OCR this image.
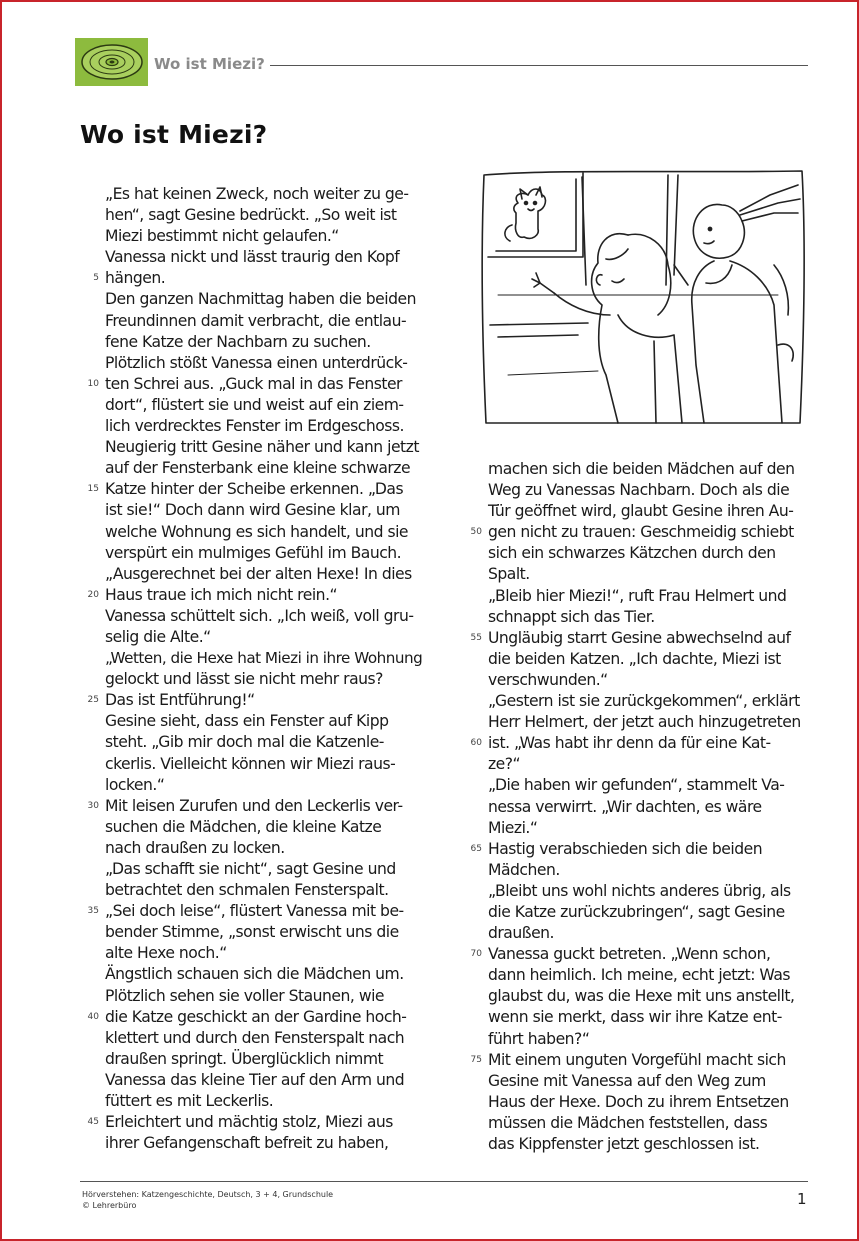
Wo ist Miezi?
Wo ist Miezi?
„Es hat keinen Zweck, noch weiter zu ge-
hen“, sagt Gesine bedrückt. „So weit ist
Miezi bestimmt nicht gelaufen.“
Vanessa nickt und lässt traurig den Kopf
5 hängen.
Den ganzen Nachmittag haben die beiden
Freundinnen damit verbracht, die entlau-
fene Katze der Nachbarn zu suchen.
Plötzlich stößt Vanessa einen unterdrück-
10 ten Schrei aus. „Guck mal in das Fenster
dort“, flüstert sie und weist auf ein ziem-
lich verdrecktes Fenster im Erdgeschoss.
Neugierig tritt Gesine näher und kann jetzt
auf der Fensterbank eine kleine schwarze
15 Katze hinter der Scheibe erkennen. „Das
ist sie!“ Doch dann wird Gesine klar, um
welche Wohnung es sich handelt, und sie
verspürt ein mulmiges Gefühl im Bauch.
„Ausgerechnet bei der alten Hexe! In dies
20 Haus traue ich mich nicht rein.“
Vanessa schüttelt sich. „Ich weiß, voll gru-
selig die Alte.“
„Wetten, die Hexe hat Miezi in ihre Wohnung
gelockt und lässt sie nicht mehr raus?
25 Das ist Entführung!“
Gesine sieht, dass ein Fenster auf Kipp
steht. „Gib mir doch mal die Katzenle-
ckerlis. Vielleicht können wir Miezi raus-
locken.“
30 Mit leisen Zurufen und den Leckerlis ver-
suchen die Mädchen, die kleine Katze
nach draußen zu locken.
„Das schafft sie nicht“, sagt Gesine und
betrachtet den schmalen Fensterspalt.
35 „Sei doch leise“, flüstert Vanessa mit be-
bender Stimme, „sonst erwischt uns die
alte Hexe noch.“
Ängstlich schauen sich die Mädchen um.
Plötzlich sehen sie voller Staunen, wie
40 die Katze geschickt an der Gardine hoch-
klettert und durch den Fensterspalt nach
draußen springt. Überglücklich nimmt
Vanessa das kleine Tier auf den Arm und
füttert es mit Leckerlis.
45 Erleichtert und mächtig stolz, Miezi aus
ihrer Gefangenschaft befreit zu haben,
machen sich die beiden Mädchen auf den
Weg zu Vanessas Nachbarn. Doch als die
Tür geöffnet wird, glaubt Gesine ihren Au-
50 gen nicht zu trauen: Geschmeidig schiebt
sich ein schwarzes Kätzchen durch den
Spalt.
„Bleib hier Miezi!“, ruft Frau Helmert und
schnappt sich das Tier.
55 Ungläubig starrt Gesine abwechselnd auf
die beiden Katzen. „Ich dachte, Miezi ist
verschwunden.“
„Gestern ist sie zurückgekommen“, erklärt
Herr Helmert, der jetzt auch hinzugetreten
60 ist. „Was habt ihr denn da für eine Kat-
ze?“
„Die haben wir gefunden“, stammelt Va-
nessa verwirrt. „Wir dachten, es wäre
Miezi.“
65 Hastig verabschieden sich die beiden
Mädchen.
„Bleibt uns wohl nichts anderes übrig, als
die Katze zurückzubringen“, sagt Gesine
draußen.
70 Vanessa guckt betreten. „Wenn schon,
dann heimlich. Ich meine, echt jetzt: Was
glaubst du, was die Hexe mit uns anstellt,
wenn sie merkt, dass wir ihre Katze ent-
führt haben?“
75 Mit einem unguten Vorgefühl macht sich
Gesine mit Vanessa auf den Weg zum
Haus der Hexe. Doch zu ihrem Entsetzen
müssen die Mädchen feststellen, dass
das Kippfenster jetzt geschlossen ist.
Hörverstehen: Katzengeschichte, Deutsch, 3 + 4, Grundschule
© Lehrerbüro	1
